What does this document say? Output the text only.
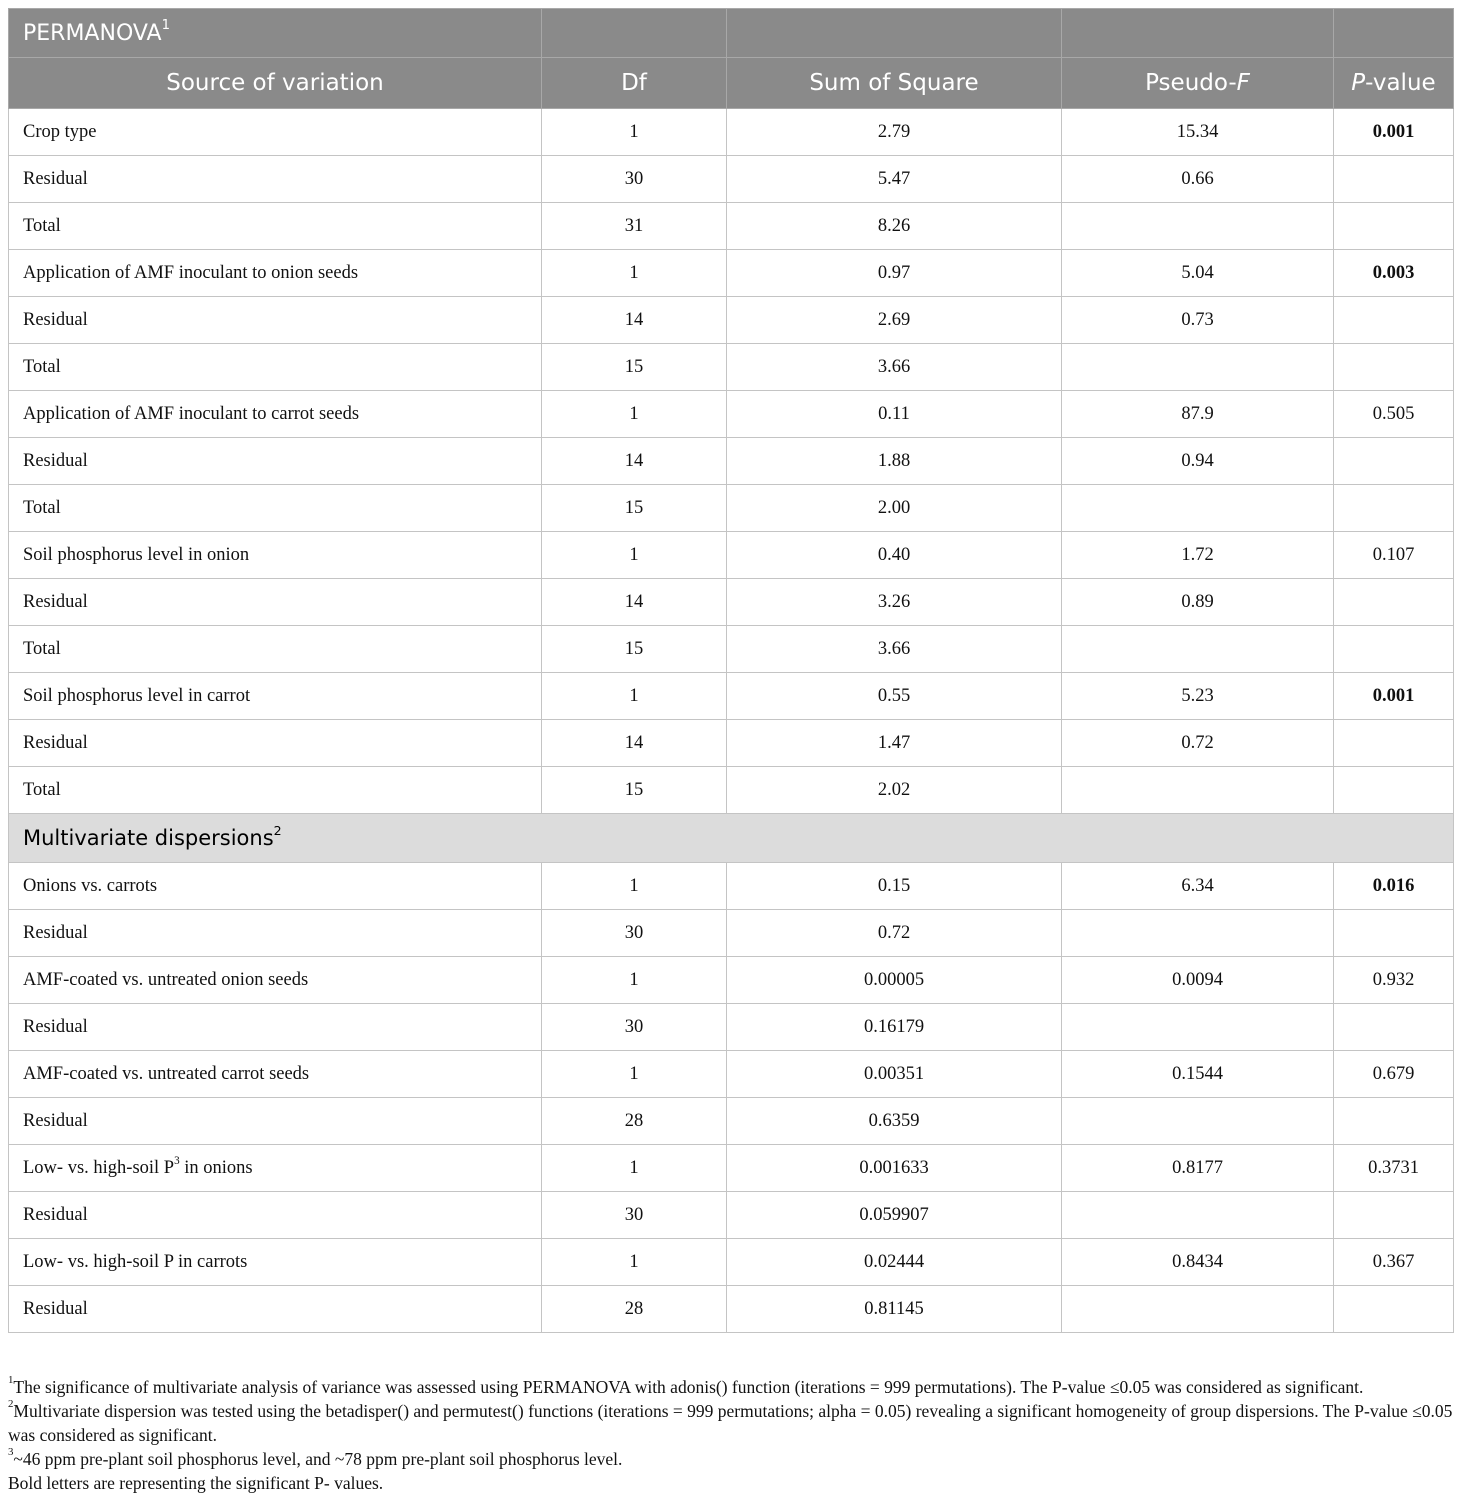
PERMANOVA$^1$				
Source of variation	Df	Sum of Square	Pseudo-F	P-value
Crop type	1	2.79	15.34	0.001
Residual	30	5.47	0.66	
Total	31	8.26		
Application of AMF inoculant to onion seeds	1	0.97	5.04	0.003
Residual	14	2.69	0.73	
Total	15	3.66		
Application of AMF inoculant to carrot seeds	1	0.11	87.9	0.505
Residual	14	1.88	0.94	
Total	15	2.00		
Soil phosphorus level in onion	1	0.40	1.72	0.107
Residual	14	3.26	0.89	
Total	15	3.66		
Soil phosphorus level in carrot	1	0.55	5.23	0.001
Residual	14	1.47	0.72	
Total	15	2.02		
Multivariate dispersions$^2$
Onions vs. carrots	1	0.15	6.34	0.016
Residual	30	0.72		
AMF-coated vs. untreated onion seeds	1	0.00005	0.0094	0.932
Residual	30	0.16179		
AMF-coated vs. untreated carrot seeds	1	0.00351	0.1544	0.679
Residual	28	0.6359		
Low- vs. high-soil $P^3$ in onions	1	0.001633	0.8177	0.3731
Residual	30	0.059907		
Low- vs. high-soil P in carrots	1	0.02444	0.8434	0.367
Residual	28	0.81145		

$^1$The significance of multivariate analysis of variance was assessed using PERMANOVA with adonis() function (iterations = 999 permutations). The P-value ≤0.05 was considered as significant.

$^2$Multivariate dispersion was tested using the betadisper() and permutest() functions (iterations = 999 permutations; alpha = 0.05) revealing a significant homogeneity of group dispersions. The P-value ≤0.05 was considered as significant.

$^3$~46 ppm pre-plant soil phosphorus level, and ~78 ppm pre-plant soil phosphorus level.

Bold letters are representing the significant P- values.
